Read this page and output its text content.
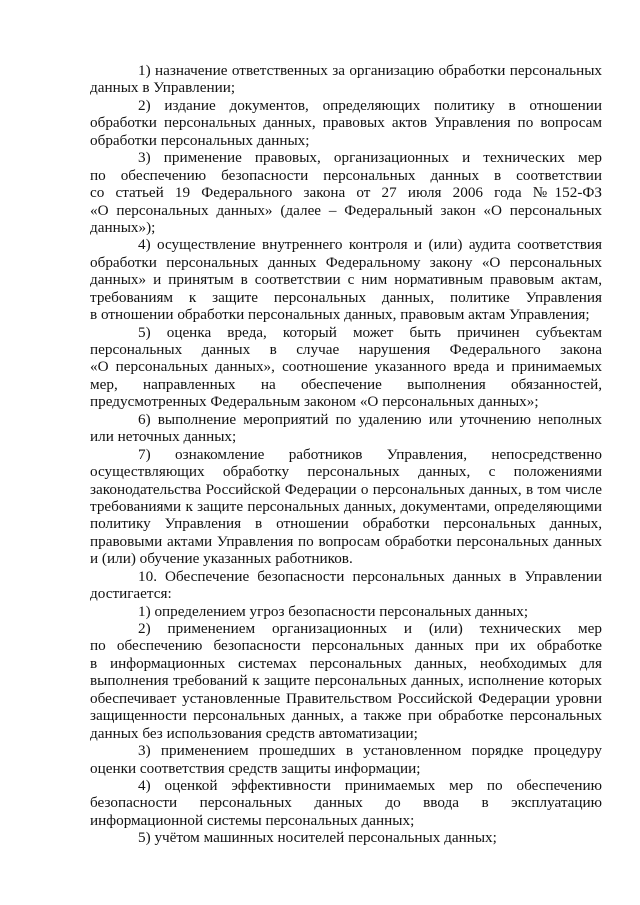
1) назначение ответственных за организацию обработки персональных
данных в Управлении;
2) издание документов, определяющих политику в отношении
обработки персональных данных, правовых актов Управления по вопросам
обработки персональных данных;
3) применение правовых, организационных и технических мер
по обеспечению безопасности персональных данных в соответствии
со статьей 19 Федерального закона от 27 июля 2006 года №152-ФЗ
«О персональных данных» (далее – Федеральный закон «О персональных
данных»);
4) осуществление внутреннего контроля и (или) аудита соответствия
обработки персональных данных Федеральному закону «О персональных
данных» и принятым в соответствии с ним нормативным правовым актам,
требованиям к защите персональных данных, политике Управления
в отношении обработки персональных данных, правовым актам Управления;
5) оценка вреда, который может быть причинен субъектам
персональных данных в случае нарушения Федерального закона
«О персональных данных», соотношение указанного вреда и принимаемых
мер, направленных на обеспечение выполнения обязанностей,
предусмотренных Федеральным законом «О персональных данных»;
6) выполнение мероприятий по удалению или уточнению неполных
или неточных данных;
7) ознакомление работников Управления, непосредственно
осуществляющих обработку персональных данных, с положениями
законодательства Российской Федерации о персональных данных, в том числе
требованиями к защите персональных данных, документами, определяющими
политику Управления в отношении обработки персональных данных,
правовыми актами Управления по вопросам обработки персональных данных
и (или) обучение указанных работников.
10. Обеспечение безопасности персональных данных в Управлении
достигается:
1) определением угроз безопасности персональных данных;
2) применением организационных и (или) технических мер
по обеспечению безопасности персональных данных при их обработке
в информационных системах персональных данных, необходимых для
выполнения требований к защите персональных данных, исполнение которых
обеспечивает установленные Правительством Российской Федерации уровни
защищенности персональных данных, а также при обработке персональных
данных без использования средств автоматизации;
3) применением прошедших в установленном порядке процедуру
оценки соответствия средств защиты информации;
4) оценкой эффективности принимаемых мер по обеспечению
безопасности персональных данных до ввода в эксплуатацию
информационной системы персональных данных;
5) учётом машинных носителей персональных данных;
